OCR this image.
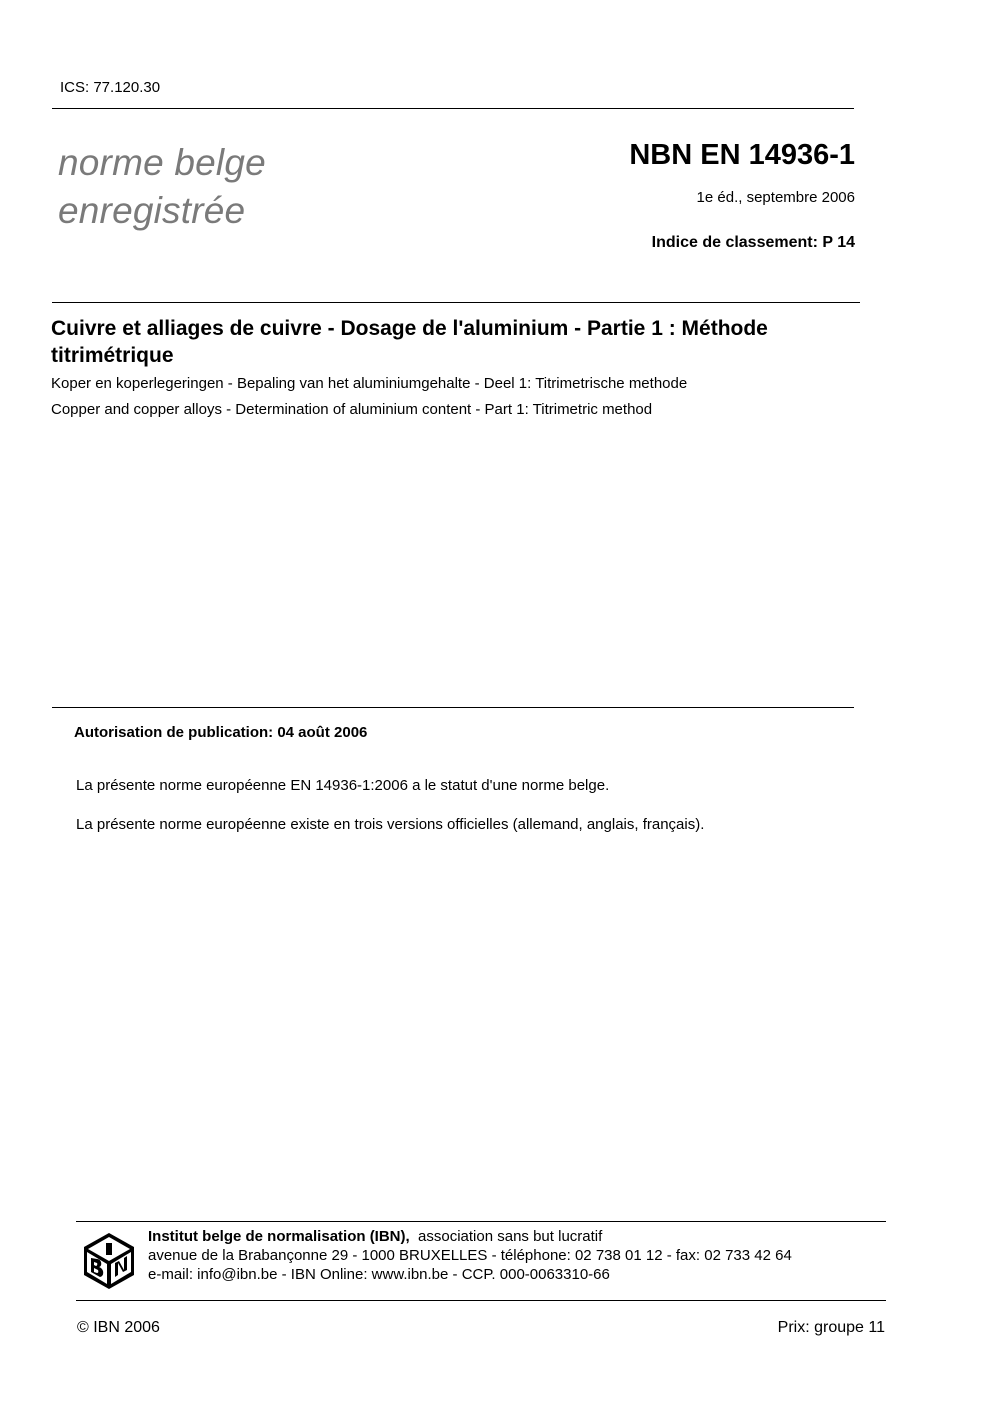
ICS: 77.120.30
norme belge
enregistrée
NBN EN 14936-1
1e éd., septembre 2006
Indice de classement: P 14
Cuivre et alliages de cuivre - Dosage de l'aluminium - Partie 1 : Méthode titrimétrique
Koper en koperlegeringen - Bepaling van het aluminiumgehalte - Deel 1: Titrimetrische methode
Copper and copper alloys - Determination of aluminium content - Part 1: Titrimetric method
Autorisation de publication: 04 août 2006
La présente norme européenne EN 14936-1:2006 a le statut d'une norme belge.
La présente norme européenne existe en trois versions officielles (allemand, anglais, français).
Institut belge de normalisation (IBN),  association sans but lucratif
avenue de la Brabançonne 29 - 1000 BRUXELLES - téléphone: 02 738 01 12 - fax: 02 733 42 64
e-mail: info@ibn.be - IBN Online: www.ibn.be - CCP. 000-0063310-66
© IBN 2006	Prix: groupe 11
